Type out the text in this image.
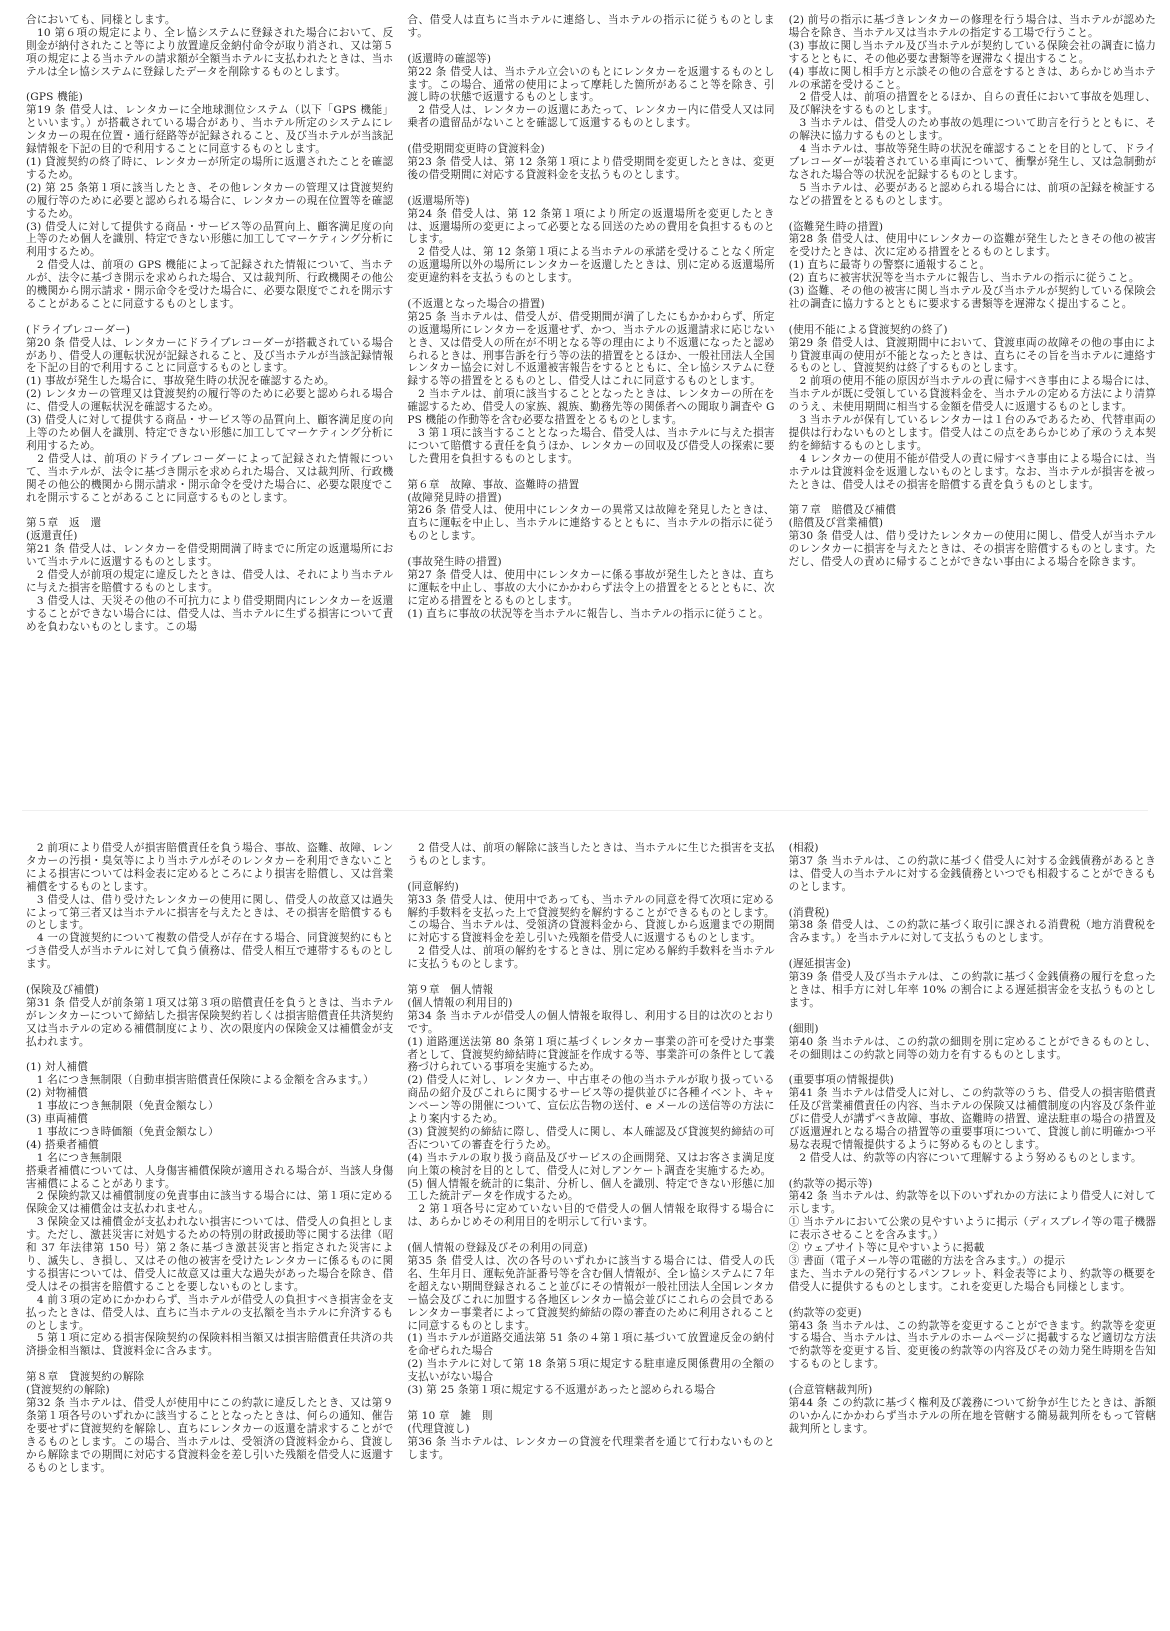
合においても、同様とします。

　10 第６項の規定により、全レ協システムに登録された場合において、反則金が納付されたこと等により放置違反金納付命令が取り消され、又は第５項の規定による当ホテルの請求額が全額当ホテルに支払われたときは、当ホテルは全レ協システムに登録したデータを削除するものとします。

(GPS 機能)

第19 条 借受人は、レンタカーに全地球測位システム（以下「GPS 機能」といいます。）が搭載されている場合があり、当ホテル所定のシステムにレンタカーの現在位置・通行経路等が記録されること、及び当ホテルが当該記録情報を下記の目的で利用することに同意するものとします。

(1) 貸渡契約の終了時に、レンタカーが所定の場所に返還されたことを確認するため。

(2) 第 25 条第１項に該当したとき、その他レンタカーの管理又は貸渡契約の履行等のために必要と認められる場合に、レンタカーの現在位置等を確認するため。

(3) 借受人に対して提供する商品・サービス等の品質向上、顧客満足度の向上等のため個人を識別、特定できない形態に加工してマーケティング分析に利用するため。

　2 借受人は、前項の GPS 機能によって記録された情報について、当ホテルが、法令に基づき開示を求められた場合、又は裁判所、行政機関その他公的機関から開示請求・開示命令を受けた場合に、必要な限度でこれを開示することがあることに同意するものとします。

(ドライブレコーダー)

第20 条 借受人は、レンタカーにドライブレコーダーが搭載されている場合があり、借受人の運転状況が記録されること、及び当ホテルが当該記録情報を下記の目的で利用することに同意するものとします。

(1) 事故が発生した場合に、事故発生時の状況を確認するため。

(2) レンタカーの管理又は貸渡契約の履行等のために必要と認められる場合に、借受人の運転状況を確認するため。

(3) 借受人に対して提供する商品・サービス等の品質向上、顧客満足度の向上等のため個人を識別、特定できない形態に加工してマーケティング分析に利用するため。

　2 借受人は、前項のドライブレコーダーによって記録された情報について、当ホテルが、法令に基づき開示を求められた場合、又は裁判所、行政機関その他公的機関から開示請求・開示命令を受けた場合に、必要な限度でこれを開示することがあることに同意するものとします。

第５章　返　還

(返還責任)

第21 条 借受人は、レンタカーを借受期間満了時までに所定の返還場所において当ホテルに返還するものとします。

　2 借受人が前項の規定に違反したときは、借受人は、それにより当ホテルに与えた損害を賠償するものとします。

　3 借受人は、天災その他の不可抗力により借受期間内にレンタカーを返還することができない場合には、借受人は、当ホテルに生ずる損害について責めを負わないものとします。この場

合、借受人は直ちに当ホテルに連絡し、当ホテルの指示に従うものとします。

(返還時の確認等)

第22 条 借受人は、当ホテル立会いのもとにレンタカーを返還するものとします。この場合、通常の使用によって摩耗した箇所があること等を除き、引渡し時の状態で返還するものとします。

　2 借受人は、レンタカーの返還にあたって、レンタカー内に借受人又は同乗者の遺留品がないことを確認して返還するものとします。

(借受期間変更時の貸渡料金)

第23 条 借受人は、第 12 条第１項により借受期間を変更したときは、変更後の借受期間に対応する貸渡料金を支払うものとします。

(返還場所等)

第24 条 借受人は、第 12 条第１項により所定の返還場所を変更したときは、返還場所の変更によって必要となる回送のための費用を負担するものとします。

　2 借受人は、第 12 条第１項による当ホテルの承諾を受けることなく所定の返還場所以外の場所にレンタカーを返還したときは、別に定める返還場所変更違約料を支払うものとします。

(不返還となった場合の措置)

第25 条 当ホテルは、借受人が、借受期間が満了したにもかかわらず、所定の返還場所にレンタカーを返還せず、かつ、当ホテルの返還請求に応じないとき、又は借受人の所在が不明となる等の理由により不返還になったと認められるときは、刑事告訴を行う等の法的措置をとるほか、一般社団法人全国レンタカー協会に対し不返還被害報告をするとともに、全レ協システムに登録する等の措置をとるものとし、借受人はこれに同意するものとします。

　2 当ホテルは、前項に該当することとなったときは、レンタカーの所在を確認するため、借受人の家族、親族、勤務先等の関係者への聞取り調査や GPS 機能の作動等を含む必要な措置をとるものとします。

　3 第１項に該当することとなった場合、借受人は、当ホテルに与えた損害について賠償する責任を負うほか、レンタカーの回収及び借受人の探索に要した費用を負担するものとします。

第６章　故障、事故、盗難時の措置

(故障発見時の措置)

第26 条 借受人は、使用中にレンタカーの異常又は故障を発見したときは、直ちに運転を中止し、当ホテルに連絡するとともに、当ホテルの指示に従うものとします。

(事故発生時の措置)

第27 条 借受人は、使用中にレンタカーに係る事故が発生したときは、直ちに運転を中止し、事故の大小にかかわらず法令上の措置をとるとともに、次に定める措置をとるものとします。

(1) 直ちに事故の状況等を当ホテルに報告し、当ホテルの指示に従うこと。

(2) 前号の指示に基づきレンタカーの修理を行う場合は、当ホテルが認めた場合を除き、当ホテル又は当ホテルの指定する工場で行うこと。

(3) 事故に関し当ホテル及び当ホテルが契約している保険会社の調査に協力するとともに、その他必要な書類等を遅滞なく提出すること。

(4) 事故に関し相手方と示談その他の合意をするときは、あらかじめ当ホテルの承諾を受けること。

　2 借受人は、前項の措置をとるほか、自らの責任において事故を処理し、及び解決をするものとします。

　3 当ホテルは、借受人のため事故の処理について助言を行うとともに、その解決に協力するものとします。

　4 当ホテルは、事故等発生時の状況を確認することを目的として、ドライブレコーダーが装着されている車両について、衝撃が発生し、又は急制動がなされた場合等の状況を記録するものとします。

　5 当ホテルは、必要があると認められる場合には、前項の記録を検証するなどの措置をとるものとします。

(盗難発生時の措置)

第28 条 借受人は、使用中にレンタカーの盗難が発生したときその他の被害を受けたときは、次に定める措置をとるものとします。

(1) 直ちに最寄りの警察に通報すること。

(2) 直ちに被害状況等を当ホテルに報告し、当ホテルの指示に従うこと。

(3) 盗難、その他の被害に関し当ホテル及び当ホテルが契約している保険会社の調査に協力するとともに要求する書類等を遅滞なく提出すること。

(使用不能による貸渡契約の終了)

第29 条 借受人は、貸渡期間中において、貸渡車両の故障その他の事由により貸渡車両の使用が不能となったときは、直ちにその旨を当ホテルに連絡するものとし、貸渡契約は終了するものとします。

　2 前項の使用不能の原因が当ホテルの責に帰すべき事由による場合には、当ホテルが既に受領している貸渡料金を、当ホテルの定める方法により清算のうえ、未使用期間に相当する金額を借受人に返還するものとします。

　3 当ホテルが保有しているレンタカーは１台のみであるため、代替車両の提供は行わないものとします。借受人はこの点をあらかじめ了承のうえ本契約を締結するものとします。

　4 レンタカーの使用不能が借受人の責に帰すべき事由による場合には、当ホテルは貸渡料金を返還しないものとします。なお、当ホテルが損害を被ったときは、借受人はその損害を賠償する責を負うものとします。

第７章　賠償及び補償

(賠償及び営業補償)

第30 条 借受人は、借り受けたレンタカーの使用に関し、借受人が当ホテルのレンタカーに損害を与えたときは、その損害を賠償するものとします。ただし、借受人の責めに帰することができない事由による場合を除きます。

　2 前項により借受人が損害賠償責任を負う場合、事故、盗難、故障、レンタカーの汚損・臭気等により当ホテルがそのレンタカーを利用できないことによる損害については料金表に定めるところにより損害を賠償し、又は営業補償をするものとします。

　3 借受人は、借り受けたレンタカーの使用に関し、借受人の故意又は過失によって第三者又は当ホテルに損害を与えたときは、その損害を賠償するものとします。

　4 一の貸渡契約について複数の借受人が存在する場合、同貸渡契約にもとづき借受人が当ホテルに対して負う債務は、借受人相互で連帯するものとします。

(保険及び補償)

第31 条 借受人が前条第１項又は第３項の賠償責任を負うときは、当ホテルがレンタカーについて締結した損害保険契約若しくは損害賠償責任共済契約又は当ホテルの定める補償制度により、次の限度内の保険金又は補償金が支払われます。

(1) 対人補償

　1 名につき無制限（自動車損害賠償責任保険による金額を含みます。）

(2) 対物補償

　1 事故につき無制限（免責金額なし）

(3) 車両補償

　1 事故につき時価額（免責金額なし）

(4) 搭乗者補償

　1 名につき無制限

搭乗者補償については、人身傷害補償保険が適用される場合が、当該人身傷害補償によることがあります。

　2 保険約款又は補償制度の免責事由に該当する場合には、第１項に定める保険金又は補償金は支払われません。

　3 保険金又は補償金が支払われない損害については、借受人の負担とします。ただし、激甚災害に対処するための特別の財政援助等に関する法律（昭和 37 年法律第 150 号）第２条に基づき激甚災害と指定された災害により、滅失し、き損し、又はその他の被害を受けたレンタカーに係るものに関する損害については、借受人に故意又は重大な過失があった場合を除き、借受人はその損害を賠償することを要しないものとします。

　4 前３項の定めにかかわらず、当ホテルが借受人の負担すべき損害金を支払ったときは、借受人は、直ちに当ホテルの支払額を当ホテルに弁済するものとします。

　5 第１項に定める損害保険契約の保険料相当額又は損害賠償責任共済の共済掛金相当額は、貸渡料金に含みます。

第８章　貸渡契約の解除

(貸渡契約の解除)

第32 条 当ホテルは、借受人が使用中にこの約款に違反したとき、又は第９条第１項各号のいずれかに該当することとなったときは、何らの通知、催告を要せずに貸渡契約を解除し、直ちにレンタカーの返還を請求することができるものとします。この場合、当ホテルは、受領済の貸渡料金から、貸渡しから解除までの期間に対応する貸渡料金を差し引いた残額を借受人に返還するものとします。

　2 借受人は、前項の解除に該当したときは、当ホテルに生じた損害を支払うものとします。

(同意解約)

第33 条 借受人は、使用中であっても、当ホテルの同意を得て次項に定める解約手数料を支払った上で貸渡契約を解約することができるものとします。この場合、当ホテルは、受領済の貸渡料金から、貸渡しから返還までの期間に対応する貸渡料金を差し引いた残額を借受人に返還するものとします。

　2 借受人は、前項の解約をするときは、別に定める解約手数料を当ホテルに支払うものとします。

第９章　個人情報

(個人情報の利用目的)

第34 条 当ホテルが借受人の個人情報を取得し、利用する目的は次のとおりです。

(1) 道路運送法第 80 条第１項に基づくレンタカー事業の許可を受けた事業者として、貸渡契約締結時に貸渡証を作成する等、事業許可の条件として義務づけられている事項を実施するため。

(2) 借受人に対し、レンタカー、中古車その他の当ホテルが取り扱っている商品の紹介及びこれらに関するサービス等の提供並びに各種イベント、キャンペーン等の開催について、宣伝広告物の送付、e メールの送信等の方法により案内するため。

(3) 貸渡契約の締結に際し、借受人に関し、本人確認及び貸渡契約締結の可否についての審査を行うため。

(4) 当ホテルの取り扱う商品及びサービスの企画開発、又はお客さま満足度向上策の検討を目的として、借受人に対しアンケート調査を実施するため。

(5) 個人情報を統計的に集計、分析し、個人を識別、特定できない形態に加工した統計データを作成するため。

　2 第１項各号に定めていない目的で借受人の個人情報を取得する場合には、あらかじめその利用目的を明示して行います。

(個人情報の登録及びその利用の同意)

第35 条 借受人は、次の各号のいずれかに該当する場合には、借受人の氏名、生年月日、運転免許証番号等を含む個人情報が、全レ協システムに７年を超えない期間登録されること並びにその情報が一般社団法人全国レンタカー協会及びこれに加盟する各地区レンタカー協会並びにこれらの会員であるレンタカー事業者によって貸渡契約締結の際の審査のために利用されることに同意するものとします。

(1) 当ホテルが道路交通法第 51 条の４第１項に基づいて放置違反金の納付を命ぜられた場合

(2) 当ホテルに対して第 18 条第５項に規定する駐車違反関係費用の全額の支払いがない場合

(3) 第 25 条第１項に規定する不返還があったと認められる場合

第 10 章　雑　則

(代理貸渡し)

第36 条 当ホテルは、レンタカーの貸渡を代理業者を通じて行わないものとします。

(相殺)

第37 条 当ホテルは、この約款に基づく借受人に対する金銭債務があるときは、借受人の当ホテルに対する金銭債務といつでも相殺することができるものとします。

(消費税)

第38 条 借受人は、この約款に基づく取引に課される消費税（地方消費税を含みます。）を当ホテルに対して支払うものとします。

(遅延損害金)

第39 条 借受人及び当ホテルは、この約款に基づく金銭債務の履行を怠ったときは、相手方に対し年率 10% の割合による遅延損害金を支払うものとします。

(細則)

第40 条 当ホテルは、この約款の細則を別に定めることができるものとし、その細則はこの約款と同等の効力を有するものとします。

(重要事項の情報提供)

第41 条 当ホテルは借受人に対し、この約款等のうち、借受人の損害賠償責任及び営業補償責任の内容、当ホテルの保険又は補償制度の内容及び条件並びに借受人が講ずべき故障、事故、盗難時の措置、違法駐車の場合の措置及び返還遅れとなる場合の措置等の重要事項について、貸渡し前に明確かつ平易な表現で情報提供するように努めるものとします。

　2 借受人は、約款等の内容について理解するよう努めるものとします。

(約款等の掲示等)

第42 条 当ホテルは、約款等を以下のいずれかの方法により借受人に対して示します。

① 当ホテルにおいて公衆の見やすいように掲示（ディスプレイ等の電子機器に表示させることを含みます。）

② ウェブサイト等に見やすいように掲載

③ 書面（電子メール等の電磁的方法を含みます。）の提示

また、当ホテルの発行するパンフレット、料金表等により、約款等の概要を借受人に提供するものとします。これを変更した場合も同様とします。

(約款等の変更)

第43 条 当ホテルは、この約款等を変更することができます。約款等を変更する場合、当ホテルは、当ホテルのホームページに掲載するなど適切な方法で約款等を変更する旨、変更後の約款等の内容及びその効力発生時期を告知するものとします。

(合意管轄裁判所)

第44 条 この約款に基づく権利及び義務について紛争が生じたときは、訴額のいかんにかかわらず当ホテルの所在地を管轄する簡易裁判所をもって管轄裁判所とします。
